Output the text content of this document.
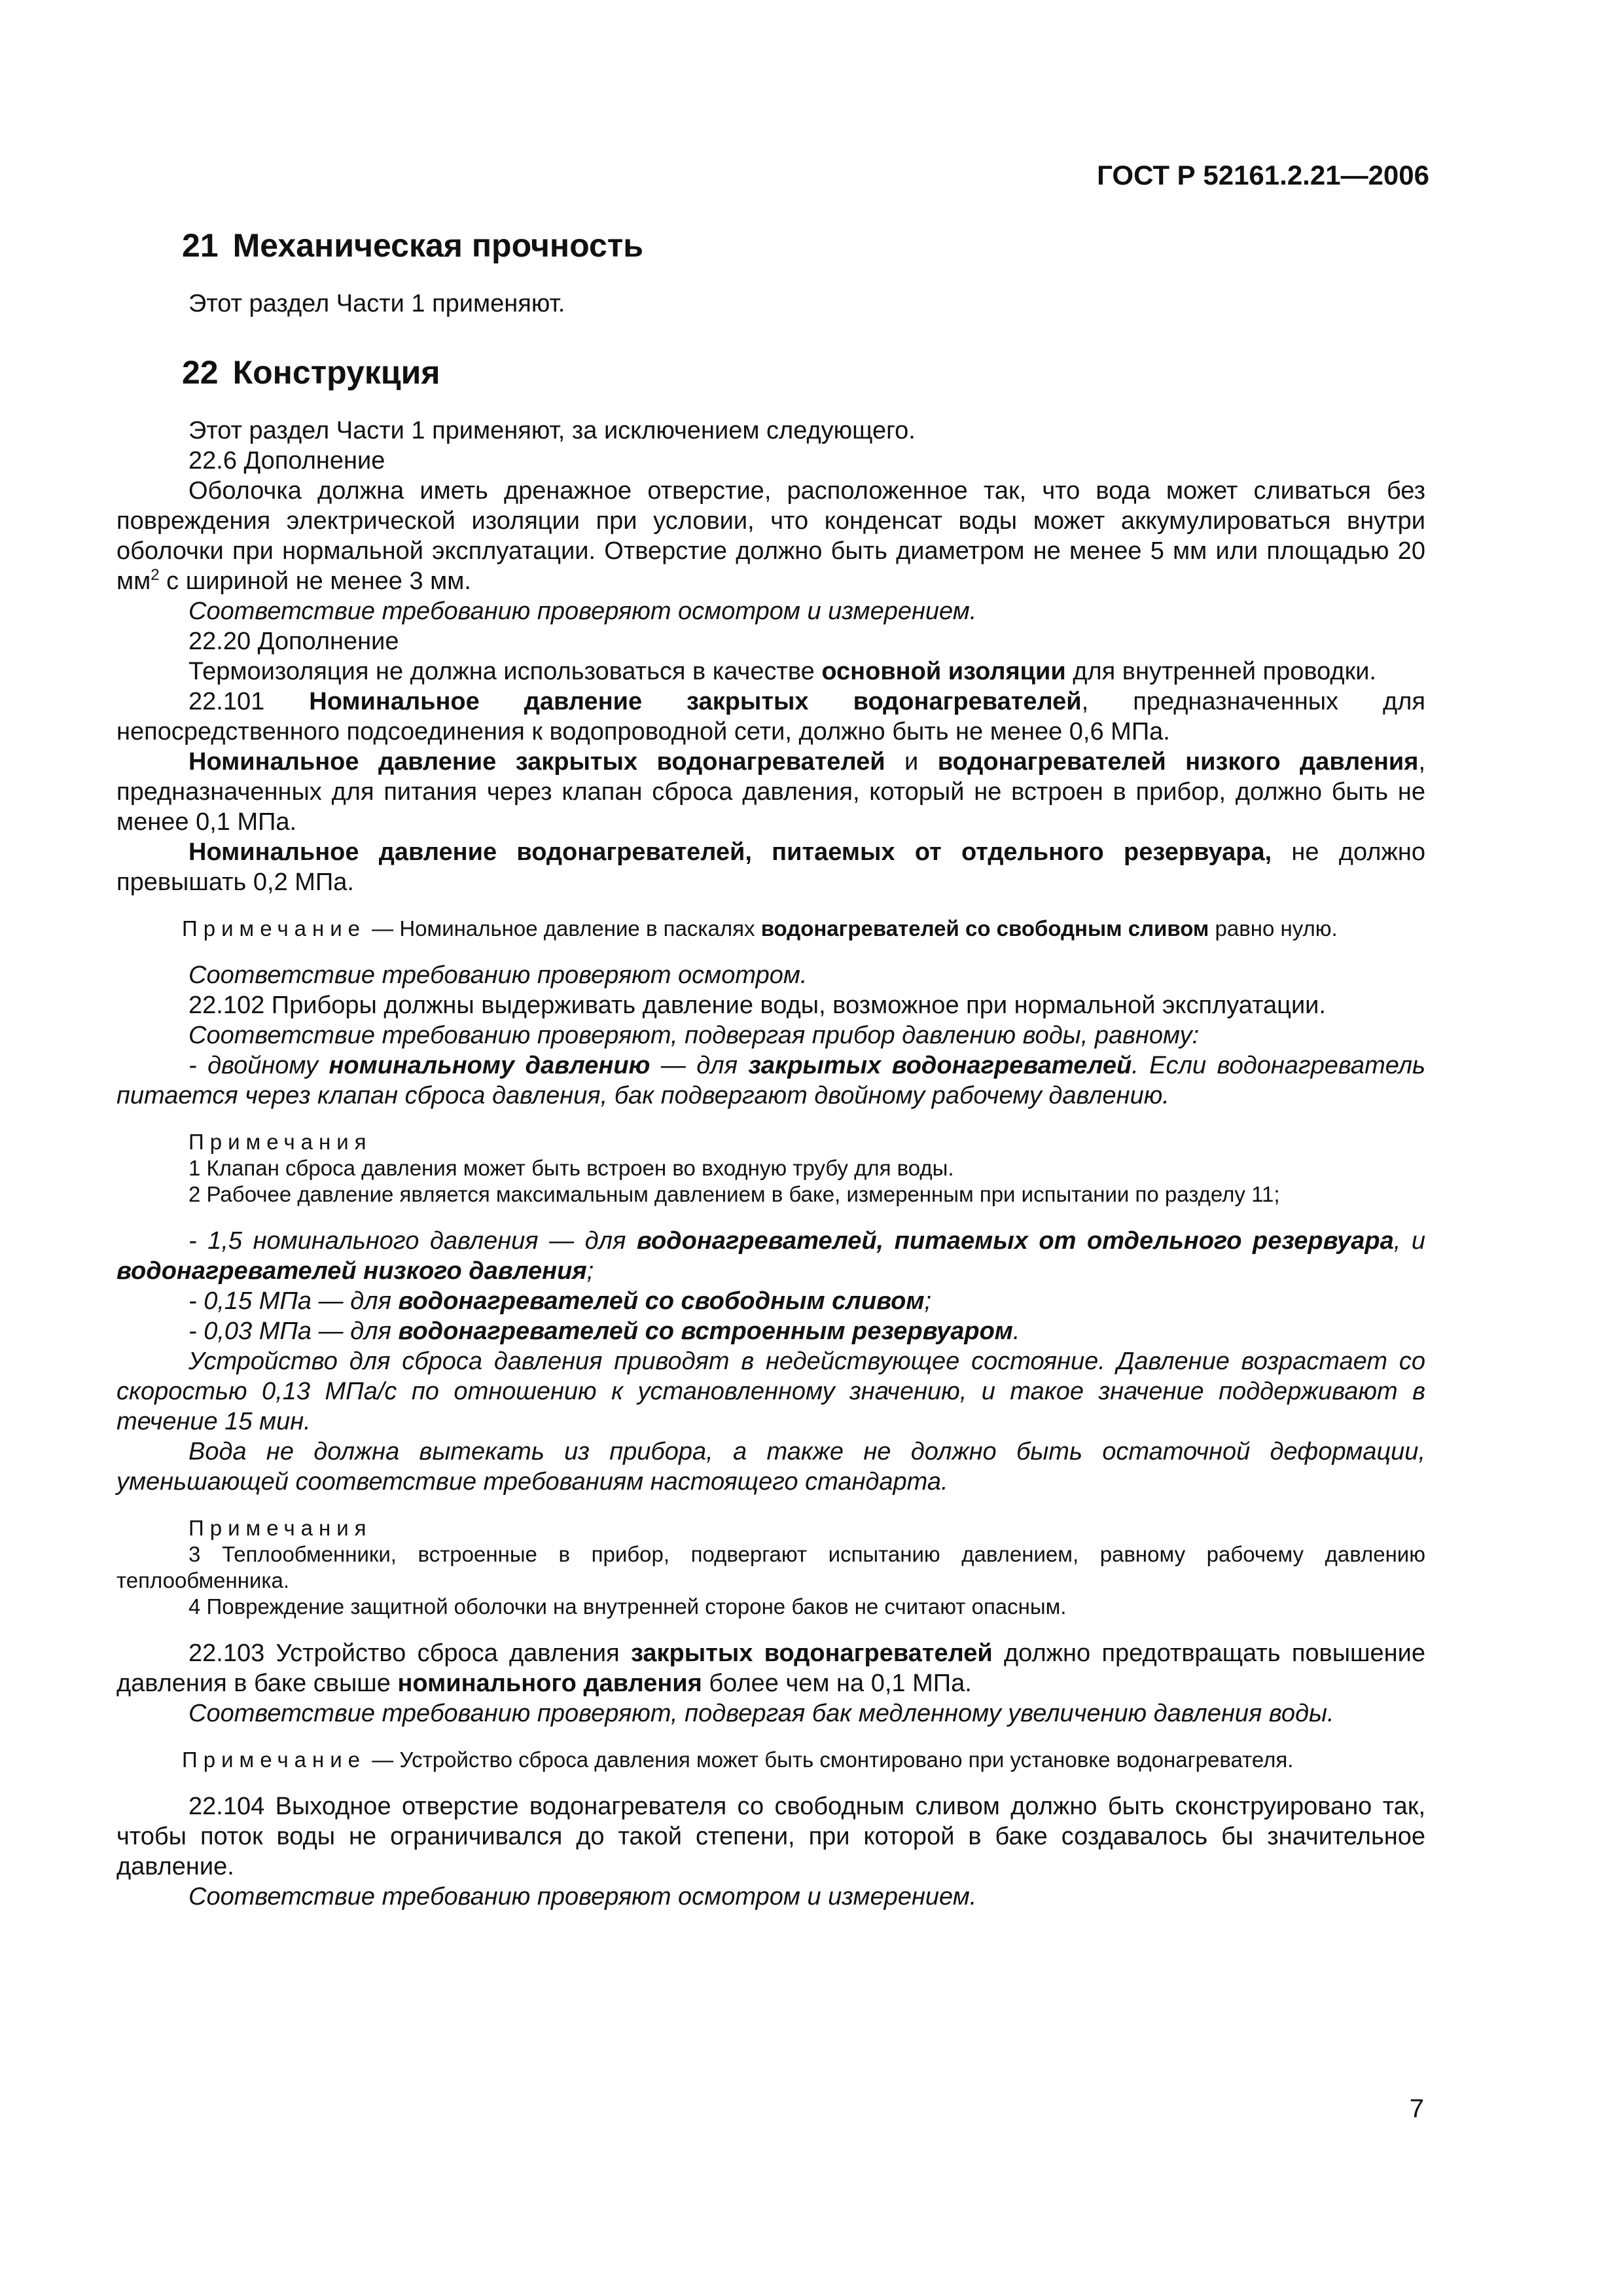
ГОСТ Р 52161.2.21—2006
21 Механическая прочность

Этот раздел Части 1 применяют.

22 Конструкция

Этот раздел Части 1 применяют, за исключением следующего.

22.6 Дополнение

Оболочка должна иметь дренажное отверстие, расположенное так, что вода может сливаться без повреждения электрической изоляции при условии, что конденсат воды может аккумулироваться внутри оболочки при нормальной эксплуатации. Отверстие должно быть диаметром не менее 5 мм или площадью 20 $мм^2$ с шириной не менее 3 мм.

Соответствие требованию проверяют осмотром и измерением.

22.20 Дополнение

Термоизоляция не должна использоваться в качестве основной изоляции для внутренней проводки.

22.101 Номинальное давление закрытых водонагревателей, предназначенных для непосредственного подсоединения к водопроводной сети, должно быть не менее 0,6 МПа.

Номинальное давление закрытых водонагревателей и водонагревателей низкого давления, предназначенных для питания через клапан сброса давления, который не встроен в прибор, должно быть не менее 0,1 МПа.

Номинальное давление водонагревателей, питаемых от отдельного резервуара, не должно превышать 0,2 МПа.

Примечание — Номинальное давление в паскалях водонагревателей со свободным сливом равно нулю.

Соответствие требованию проверяют осмотром.

22.102 Приборы должны выдерживать давление воды, возможное при нормальной эксплуатации.

Соответствие требованию проверяют, подвергая прибор давлению воды, равному:

- двойному номинальному давлению — для закрытых водонагревателей. Если водонагреватель питается через клапан сброса давления, бак подвергают двойному рабочему давлению.

Примечания

1 Клапан сброса давления может быть встроен во входную трубу для воды.

2 Рабочее давление является максимальным давлением в баке, измеренным при испытании по разделу 11;

- 1,5 номинального давления — для водонагревателей, питаемых от отдельного резервуара, и водонагревателей низкого давления;

- 0,15 МПа — для водонагревателей со свободным сливом;

- 0,03 МПа — для водонагревателей со встроенным резервуаром.

Устройство для сброса давления приводят в недействующее состояние. Давление возрастает со скоростью 0,13 МПа/с по отношению к установленному значению, и такое значение поддерживают в течение 15 мин.

Вода не должна вытекать из прибора, а также не должно быть остаточной деформации, уменьшающей соответствие требованиям настоящего стандарта.

Примечания

3 Теплообменники, встроенные в прибор, подвергают испытанию давлением, равному рабочему давлению теплообменника.

4 Повреждение защитной оболочки на внутренней стороне баков не считают опасным.

22.103 Устройство сброса давления закрытых водонагревателей должно предотвращать повышение давления в баке свыше номинального давления более чем на 0,1 МПа.

Соответствие требованию проверяют, подвергая бак медленному увеличению давления воды.

Примечание — Устройство сброса давления может быть смонтировано при установке водонагревателя.

22.104 Выходное отверстие водонагревателя со свободным сливом должно быть сконструировано так, чтобы поток воды не ограничивался до такой степени, при которой в баке создавалось бы значительное давление.

Соответствие требованию проверяют осмотром и измерением.

7
